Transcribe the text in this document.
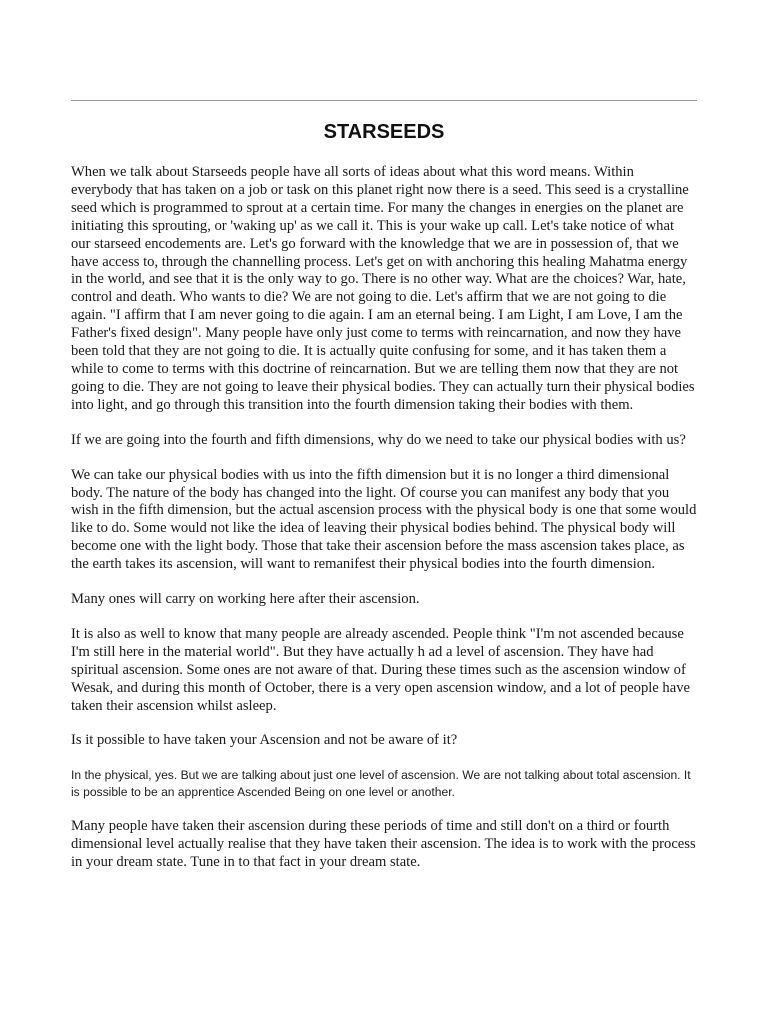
STARSEEDS

When we talk about Starseeds people have all sorts of ideas about what this word means. Within everybody that has taken on a job or task on this planet right now there is a seed. This seed is a crystalline seed which is programmed to sprout at a certain time. For many the changes in energies on the planet are initiating this sprouting, or 'waking up' as we call it. This is your wake up call. Let's take notice of what our starseed encodements are. Let's go forward with the knowledge that we are in possession of, that we have access to, through the channelling process. Let's get on with anchoring this healing Mahatma energy in the world, and see that it is the only way to go. There is no other way. What are the choices? War, hate, control and death. Who wants to die? We are not going to die. Let's affirm that we are not going to die again. "I affirm that I am never going to die again. I am an eternal being. I am Light, I am Love, I am the Father's fixed design". Many people have only just come to terms with reincarnation, and now they have been told that they are not going to die. It is actually quite confusing for some, and it has taken them a while to come to terms with this doctrine of reincarnation. But we are telling them now that they are not going to die. They are not going to leave their physical bodies. They can actually turn their physical bodies into light, and go through this transition into the fourth dimension taking their bodies with them.

If we are going into the fourth and fifth dimensions, why do we need to take our physical bodies with us?

We can take our physical bodies with us into the fifth dimension but it is no longer a third dimensional body. The nature of the body has changed into the light. Of course you can manifest any body that you wish in the fifth dimension, but the actual ascension process with the physical body is one that some would like to do. Some would not like the idea of leaving their physical bodies behind. The physical body will become one with the light body. Those that take their ascension before the mass ascension takes place, as the earth takes its ascension, will want to remanifest their physical bodies into the fourth dimension.

Many ones will carry on working here after their ascension.

It is also as well to know that many people are already ascended. People think "I'm not ascended because I'm still here in the material world". But they have actually h ad a level of ascension. They have had spiritual ascension. Some ones are not aware of that. During these times such as the ascension window of Wesak, and during this month of October, there is a very open ascension window, and a lot of people have taken their ascension whilst asleep.

Is it possible to have taken your Ascension and not be aware of it?

In the physical, yes. But we are talking about just one level of ascension. We are not talking about total ascension. It is possible to be an apprentice Ascended Being on one level or another.

Many people have taken their ascension during these periods of time and still don't on a third or fourth dimensional level actually realise that they have taken their ascension. The idea is to work with the process in your dream state. Tune in to that fact in your dream state.
